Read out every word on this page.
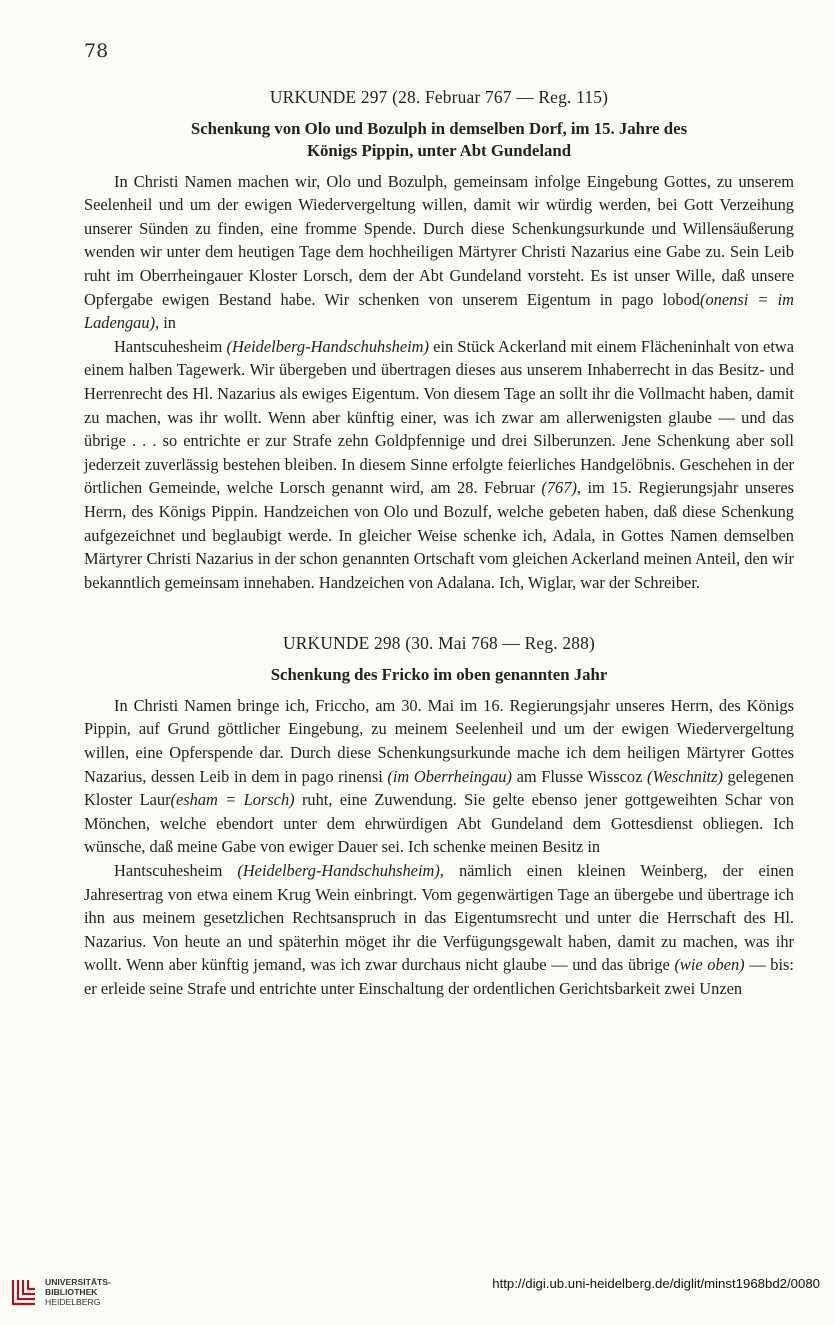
78
URKUNDE 297 (28. Februar 767 — Reg. 115)
Schenkung von Olo und Bozulph in demselben Dorf, im 15. Jahre des
Königs Pippin, unter Abt Gundeland

In Christi Namen machen wir, Olo und Bozulph, gemeinsam infolge Eingebung Gottes, zu unserem Seelenheil und um der ewigen Wiedervergeltung willen, damit wir würdig werden, bei Gott Verzeihung unserer Sünden zu finden, eine fromme Spende. Durch diese Schenkungsurkunde und Willensäußerung wenden wir unter dem heutigen Tage dem hochheiligen Märtyrer Christi Nazarius eine Gabe zu. Sein Leib ruht im Oberrheingauer Kloster Lorsch, dem der Abt Gundeland vorsteht. Es ist unser Wille, daß unsere Opfergabe ewigen Bestand habe. Wir schenken von unserem Eigentum in pago lobod(onensi = im Ladengau), in

Hantscuhesheim (Heidelberg-Handschuhsheim) ein Stück Ackerland mit einem Flächeninhalt von etwa einem halben Tagewerk. Wir übergeben und übertragen dieses aus unserem Inhaberrecht in das Besitz- und Herrenrecht des Hl. Nazarius als ewiges Eigentum. Von diesem Tage an sollt ihr die Vollmacht haben, damit zu machen, was ihr wollt. Wenn aber künftig einer, was ich zwar am allerwenigsten glaube — und das übrige . . . so entrichte er zur Strafe zehn Goldpfennige und drei Silberunzen. Jene Schenkung aber soll jederzeit zuverlässig bestehen bleiben. In diesem Sinne erfolgte feierliches Handgelöbnis. Geschehen in der örtlichen Gemeinde, welche Lorsch genannt wird, am 28. Februar (767), im 15. Regierungsjahr unseres Herrn, des Königs Pippin. Handzeichen von Olo und Bozulf, welche gebeten haben, daß diese Schenkung aufgezeichnet und beglaubigt werde. In gleicher Weise schenke ich, Adala, in Gottes Namen demselben Märtyrer Christi Nazarius in der schon genannten Ortschaft vom gleichen Ackerland meinen Anteil, den wir bekanntlich gemeinsam innehaben. Handzeichen von Adalana. Ich, Wiglar, war der Schreiber.

URKUNDE 298 (30. Mai 768 — Reg. 288)
Schenkung des Fricko im oben genannten Jahr

In Christi Namen bringe ich, Friccho, am 30. Mai im 16. Regierungsjahr unseres Herrn, des Königs Pippin, auf Grund göttlicher Eingebung, zu meinem Seelenheil und um der ewigen Wiedervergeltung willen, eine Opferspende dar. Durch diese Schenkungsurkunde mache ich dem heiligen Märtyrer Gottes Nazarius, dessen Leib in dem in pago rinensi (im Oberrheingau) am Flusse Wisscoz (Weschnitz) gelegenen Kloster Laur(esham = Lorsch) ruht, eine Zuwendung. Sie gelte ebenso jener gottgeweihten Schar von Mönchen, welche ebendort unter dem ehrwürdigen Abt Gundeland dem Gottesdienst obliegen. Ich wünsche, daß meine Gabe von ewiger Dauer sei. Ich schenke meinen Besitz in

Hantscuhesheim (Heidelberg-Handschuhsheim), nämlich einen kleinen Weinberg, der einen Jahresertrag von etwa einem Krug Wein einbringt. Vom gegenwärtigen Tage an übergebe und übertrage ich ihn aus meinem gesetzlichen Rechtsanspruch in das Eigentumsrecht und unter die Herrschaft des Hl. Nazarius. Von heute an und späterhin möget ihr die Verfügungsgewalt haben, damit zu machen, was ihr wollt. Wenn aber künftig jemand, was ich zwar durchaus nicht glaube — und das übrige (wie oben) — bis: er erleide seine Strafe und entrichte unter Einschaltung der ordentlichen Gerichtsbarkeit zwei Unzen

UNIVERSITÄTS-
BIBLIOTHEK
HEIDELBERG
http://digi.ub.uni-heidelberg.de/diglit/minst1968bd2/0080
